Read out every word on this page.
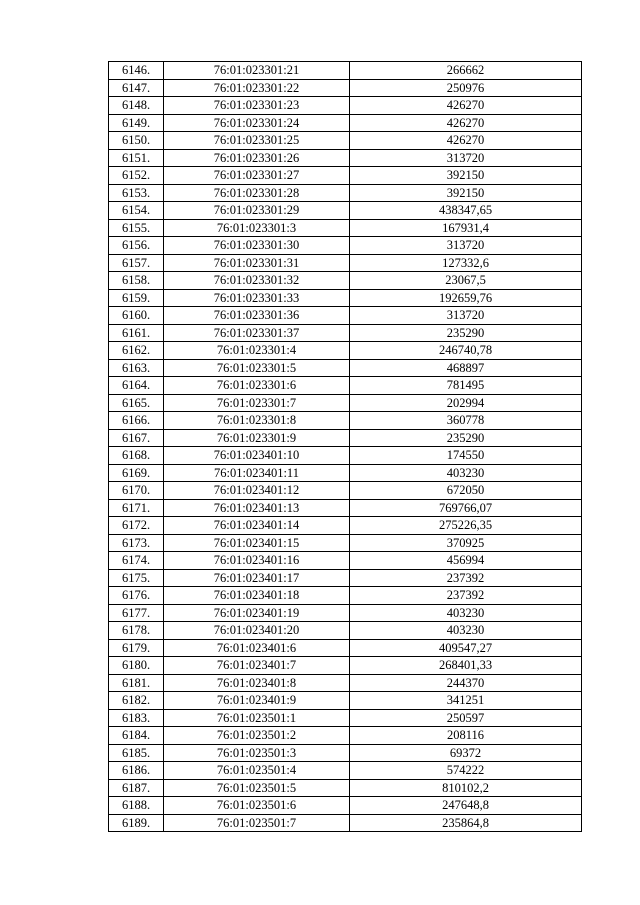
6146.	76:01:023301:21	266662
6147.	76:01:023301:22	250976
6148.	76:01:023301:23	426270
6149.	76:01:023301:24	426270
6150.	76:01:023301:25	426270
6151.	76:01:023301:26	313720
6152.	76:01:023301:27	392150
6153.	76:01:023301:28	392150
6154.	76:01:023301:29	438347,65
6155.	76:01:023301:3	167931,4
6156.	76:01:023301:30	313720
6157.	76:01:023301:31	127332,6
6158.	76:01:023301:32	23067,5
6159.	76:01:023301:33	192659,76
6160.	76:01:023301:36	313720
6161.	76:01:023301:37	235290
6162.	76:01:023301:4	246740,78
6163.	76:01:023301:5	468897
6164.	76:01:023301:6	781495
6165.	76:01:023301:7	202994
6166.	76:01:023301:8	360778
6167.	76:01:023301:9	235290
6168.	76:01:023401:10	174550
6169.	76:01:023401:11	403230
6170.	76:01:023401:12	672050
6171.	76:01:023401:13	769766,07
6172.	76:01:023401:14	275226,35
6173.	76:01:023401:15	370925
6174.	76:01:023401:16	456994
6175.	76:01:023401:17	237392
6176.	76:01:023401:18	237392
6177.	76:01:023401:19	403230
6178.	76:01:023401:20	403230
6179.	76:01:023401:6	409547,27
6180.	76:01:023401:7	268401,33
6181.	76:01:023401:8	244370
6182.	76:01:023401:9	341251
6183.	76:01:023501:1	250597
6184.	76:01:023501:2	208116
6185.	76:01:023501:3	69372
6186.	76:01:023501:4	574222
6187.	76:01:023501:5	810102,2
6188.	76:01:023501:6	247648,8
6189.	76:01:023501:7	235864,8
